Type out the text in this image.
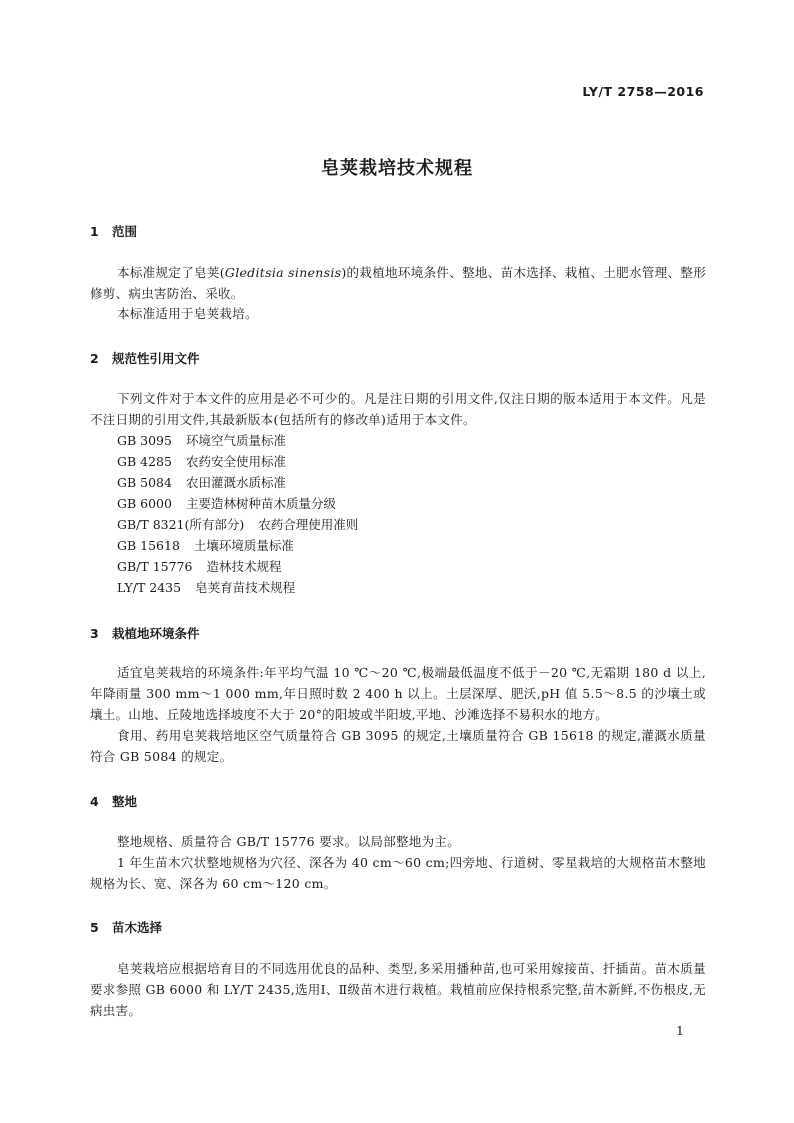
LY/T 2758—2016
皂荚栽培技术规程
1 范围
本标准规定了皂荚(Gleditsia sinensis)的栽植地环境条件、整地、苗木选择、栽植、土肥水管理、整形修剪、病虫害防治、采收。
本标准适用于皂荚栽培。
2 规范性引用文件
下列文件对于本文件的应用是必不可少的。凡是注日期的引用文件,仅注日期的版本适用于本文件。凡是不注日期的引用文件,其最新版本(包括所有的修改单)适用于本文件。
GB 3095 环境空气质量标准
GB 4285 农药安全使用标准
GB 5084 农田灌溉水质标准
GB 6000 主要造林树种苗木质量分级
GB/T 8321(所有部分) 农药合理使用准则
GB 15618 土壤环境质量标准
GB/T 15776 造林技术规程
LY/T 2435 皂荚育苗技术规程
3 栽植地环境条件
适宜皂荚栽培的环境条件:年平均气温 10 ℃～20 ℃,极端最低温度不低于－20 ℃,无霜期 180 d 以上,年降雨量 300 mm～1 000 mm,年日照时数 2 400 h 以上。土层深厚、肥沃,pH 值 5.5～8.5 的沙壤土或壤土。山地、丘陵地选择坡度不大于 20°的阳坡或半阳坡,平地、沙滩选择不易积水的地方。
食用、药用皂荚栽培地区空气质量符合 GB 3095 的规定,土壤质量符合 GB 15618 的规定,灌溉水质量符合 GB 5084 的规定。
4 整地
整地规格、质量符合 GB/T 15776 要求。以局部整地为主。
1 年生苗木穴状整地规格为穴径、深各为 40 cm～60 cm;四旁地、行道树、零星栽培的大规格苗木整地规格为长、宽、深各为 60 cm～120 cm。
5 苗木选择
皂荚栽培应根据培育目的不同选用优良的品种、类型,多采用播种苗,也可采用嫁接苗、扦插苗。苗木质量要求参照 GB 6000 和 LY/T 2435,选用Ⅰ、Ⅱ级苗木进行栽植。栽植前应保持根系完整,苗木新鲜,不伤根皮,无病虫害。
1
